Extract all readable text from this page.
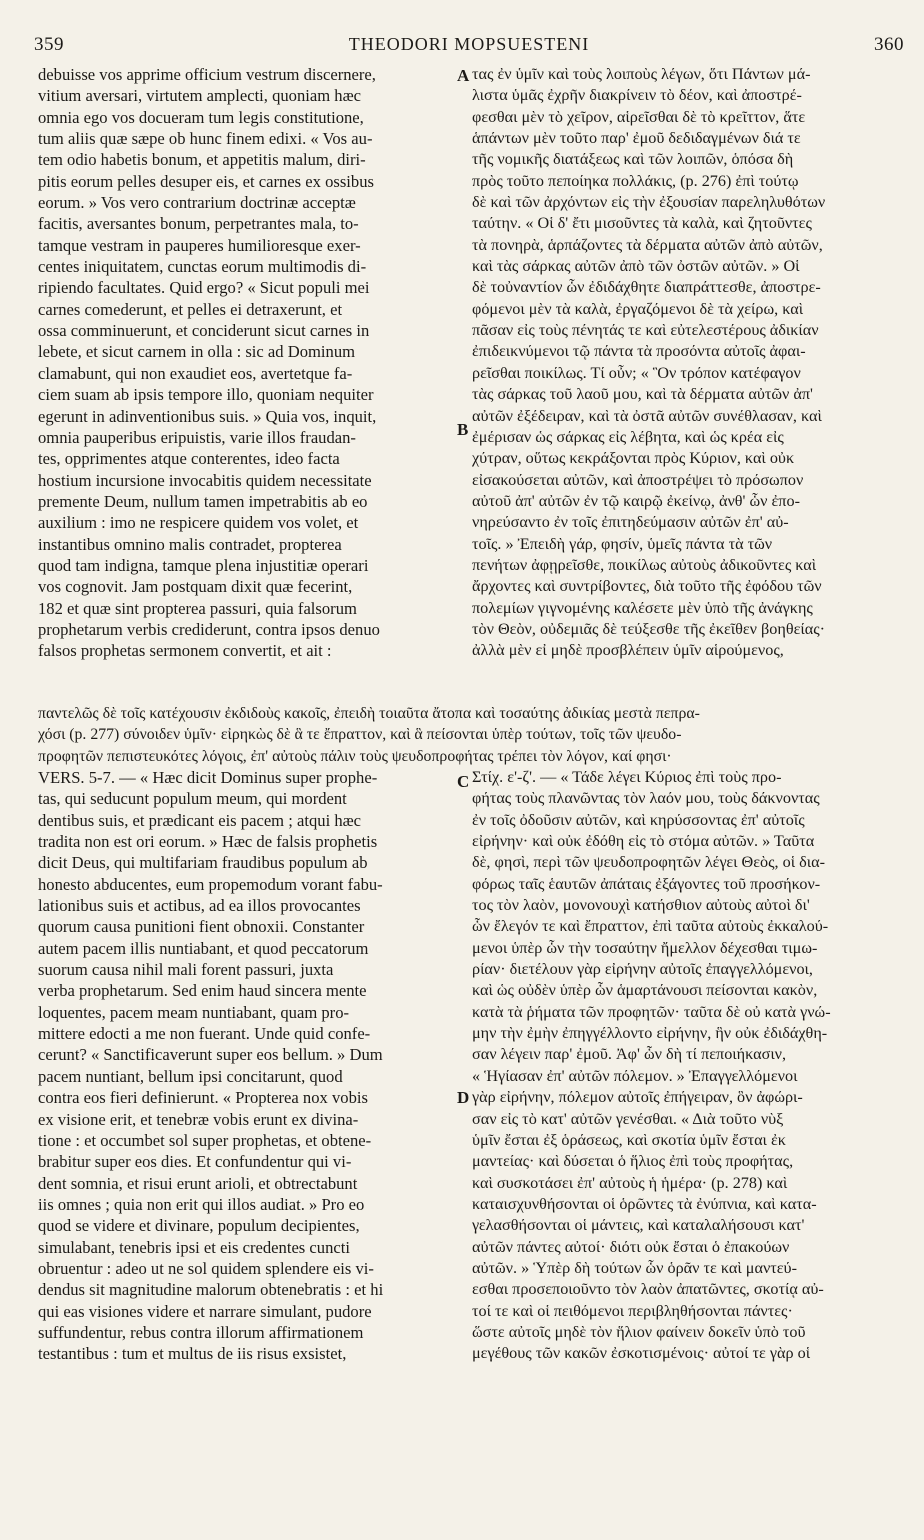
359	THEODORI MOPSUESTENI	360
debuisse vos apprime officium vestrum discernere,
vitium aversari, virtutem amplecti, quoniam hæc
omnia ego vos docueram tum legis constitutione,
tum aliis quæ sæpe ob hunc finem edixi. « Vos au-
tem odio habetis bonum, et appetitis malum, diri-
pitis eorum pelles desuper eis, et carnes ex ossibus
eorum. » Vos vero contrarium doctrinæ acceptæ
facitis, aversantes bonum, perpetrantes mala, to-
tamque vestram in pauperes humilioresque exer-
centes iniquitatem, cunctas eorum multimodis di-
ripiendo facultates. Quid ergo? « Sicut populi mei
carnes comederunt, et pelles ei detraxerunt, et
ossa comminuerunt, et conciderunt sicut carnes in
lebete, et sicut carnem in olla : sic ad Dominum
clamabunt, qui non exaudiet eos, avertetque fa-
ciem suam ab ipsis tempore illo, quoniam nequiter
egerunt in adinventionibus suis. » Quia vos, inquit,
omnia pauperibus eripuistis, varie illos fraudan-
tes, opprimentes atque conterentes, ideo facta
hostium incursione invocabitis quidem necessitate
premente Deum, nullum tamen impetrabitis ab eo
auxilium : imo ne respicere quidem vos volet, et
instantibus omnino malis contradet, propterea
quod tam indigna, tamque plena injustitiæ operari
vos cognovit. Jam postquam dixit quæ fecerint,
182 et quæ sint propterea passuri, quia falsorum
prophetarum verbis crediderunt, contra ipsos denuo
falsos prophetas sermonem convertit, et ait :
τας ἐν ὑμῖν καὶ τοὺς λοιποὺς λέγων, ὅτι Πάντων μά-
λιστα ὑμᾶς ἐχρῆν διακρίνειν τὸ δέον, καὶ ἀποστρέ-
φεσθαι μὲν τὸ χεῖρον, αἱρεῖσθαι δὲ τὸ κρεῖττον, ἅτε
ἁπάντων μὲν τοῦτο παρ' ἐμοῦ δεδιδαγμένων διά τε
τῆς νομικῆς διατάξεως καὶ τῶν λοιπῶν, ὁπόσα δὴ
πρὸς τοῦτο πεποίηκα πολλάκις, (p. 276) ἐπὶ τούτῳ
δὲ καὶ τῶν ἀρχόντων εἰς τὴν ἐξουσίαν παρεληλυθότων
ταύτην. « Οἱ δ' ἔτι μισοῦντες τὰ καλὰ, καὶ ζητοῦντες
τὰ πονηρὰ, ἁρπάζοντες τὰ δέρματα αὐτῶν ἀπὸ αὐτῶν,
καὶ τὰς σάρκας αὐτῶν ἀπὸ τῶν ὀστῶν αὐτῶν. » Οἱ
δὲ τοὐναντίον ὧν ἐδιδάχθητε διαπράττεσθε, ἀποστρε-
φόμενοι μὲν τὰ καλὰ, ἐργαζόμενοι δὲ τὰ χείρω, καὶ
πᾶσαν εἰς τοὺς πένητάς τε καὶ εὐτελεστέρους ἀδικίαν
ἐπιδεικνύμενοι τῷ πάντα τὰ προσόντα αὐτοῖς ἀφαι-
ρεῖσθαι ποικίλως. Τί οὖν; « Ὃν τρόπον κατέφαγον
τὰς σάρκας τοῦ λαοῦ μου, καὶ τὰ δέρματα αὐτῶν ἀπ'
αὐτῶν ἐξέδειραν, καὶ τὰ ὀστᾶ αὐτῶν συνέθλασαν, καὶ
ἐμέρισαν ὡς σάρκας εἰς λέβητα, καὶ ὡς κρέα εἰς
χύτραν, οὕτως κεκράξονται πρὸς Κύριον, καὶ οὐκ
εἰσακούσεται αὐτῶν, καὶ ἀποστρέψει τὸ πρόσωπον
αὐτοῦ ἀπ' αὐτῶν ἐν τῷ καιρῷ ἐκείνῳ, ἀνθ' ὧν ἐπο-
νηρεύσαντο ἐν τοῖς ἐπιτηδεύμασιν αὐτῶν ἐπ' αὐ-
τοῖς. » Ἐπειδὴ γάρ, φησίν, ὑμεῖς πάντα τὰ τῶν
πενήτων ἀφῃρεῖσθε, ποικίλως αὐτοὺς ἀδικοῦντες καὶ
ἄρχοντες καὶ συντρίβοντες, διὰ τοῦτο τῆς ἐφόδου τῶν
πολεμίων γιγνομένης καλέσετε μὲν ὑπὸ τῆς ἀνάγκης
τὸν Θεὸν, οὐδεμιᾶς δὲ τεύξεσθε τῆς ἐκεῖθεν βοηθείας·
ἀλλὰ μὲν εἰ μηδὲ προσβλέπειν ὑμῖν αἱρούμενος,
παντελῶς δὲ τοῖς κατέχουσιν ἐκδιδοὺς κακοῖς, ἐπειδὴ τοιαῦτα ἄτοπα καὶ τοσαύτης ἀδικίας μεστὰ πεπρα-
χόσι (p. 277) σύνοιδεν ὑμῖν· εἰρηκὼς δὲ ἃ τε ἔπραττον, καὶ ἃ πείσονται ὑπὲρ τούτων, τοῖς τῶν ψευδο-
προφητῶν πεπιστευκότες λόγοις, ἐπ' αὐτοὺς πάλιν τοὺς ψευδοπροφήτας τρέπει τὸν λόγον, καί φησι·
VERS. 5-7. — « Hæc dicit Dominus super prophe-
tas, qui seducunt populum meum, qui mordent
dentibus suis, et prædicant eis pacem ; atqui hæc
tradita non est ori eorum. » Hæc de falsis prophetis
dicit Deus, qui multifariam fraudibus populum ab
honesto abducentes, eum propemodum vorant fabu-
lationibus suis et actibus, ad ea illos provocantes
quorum causa punitioni fient obnoxii. Constanter
autem pacem illis nuntiabant, et quod peccatorum
suorum causa nihil mali forent passuri, juxta
verba prophetarum. Sed enim haud sincera mente
loquentes, pacem meam nuntiabant, quam pro-
mittere edocti a me non fuerant. Unde quid confe-
cerunt? « Sanctificaverunt super eos bellum. » Dum
pacem nuntiant, bellum ipsi concitarunt, quod
contra eos fieri definierunt. « Propterea nox vobis
ex visione erit, et tenebræ vobis erunt ex divina-
tione : et occumbet sol super prophetas, et obtene-
brabitur super eos dies. Et confundentur qui vi-
dent somnia, et risui erunt arioli, et obtrectabunt
iis omnes ; quia non erit qui illos audiat. » Pro eo
quod se videre et divinare, populum decipientes,
simulabant, tenebris ipsi et eis credentes cuncti
obruentur : adeo ut ne sol quidem splendere eis vi-
dendus sit magnitudine malorum obtenebratis : et hi
qui eas visiones videre et narrare simulant, pudore
suffundentur, rebus contra illorum affirmationem
testantibus : tum et multus de iis risus exsistet,
Στίχ. ε'-ζ'. — « Τάδε λέγει Κύριος ἐπὶ τοὺς προ-
φήτας τοὺς πλανῶντας τὸν λαόν μου, τοὺς δάκνοντας
ἐν τοῖς ὀδοῦσιν αὐτῶν, καὶ κηρύσσοντας ἐπ' αὐτοῖς
εἰρήνην· καὶ οὐκ ἐδόθη εἰς τὸ στόμα αὐτῶν. » Ταῦτα
δὲ, φησὶ, περὶ τῶν ψευδοπροφητῶν λέγει Θεὸς, οἱ δια-
φόρως ταῖς ἑαυτῶν ἀπάταις ἐξάγοντες τοῦ προσήκον-
τος τὸν λαὸν, μονονουχὶ κατήσθιον αὐτοὺς αὐτοὶ δι'
ὧν ἔλεγόν τε καὶ ἔπραττον, ἐπὶ ταῦτα αὐτοὺς ἐκκαλού-
μενοι ὑπὲρ ὧν τὴν τοσαύτην ἤμελλον δέχεσθαι τιμω-
ρίαν· διετέλουν γὰρ εἰρήνην αὐτοῖς ἐπαγγελλόμενοι,
καὶ ὡς οὐδὲν ὑπὲρ ὧν ἁμαρτάνουσι πείσονται κακὸν,
κατὰ τὰ ῥήματα τῶν προφητῶν· ταῦτα δὲ οὐ κατὰ γνώ-
μην τὴν ἐμὴν ἐπηγγέλλοντο εἰρήνην, ἣν οὐκ ἐδιδάχθη-
σαν λέγειν παρ' ἐμοῦ. Ἀφ' ὧν δὴ τί πεποιήκασιν,
« Ἡγίασαν ἐπ' αὐτῶν πόλεμον. » Ἐπαγγελλόμενοι
γὰρ εἰρήνην, πόλεμον αὐτοῖς ἐπήγειραν, ὃν ἀφώρι-
σαν εἰς τὸ κατ' αὐτῶν γενέσθαι. « Διὰ τοῦτο νὺξ
ὑμῖν ἔσται ἐξ ὁράσεως, καὶ σκοτία ὑμῖν ἔσται ἐκ
μαντείας· καὶ δύσεται ὁ ἥλιος ἐπὶ τοὺς προφήτας,
καὶ συσκοτάσει ἐπ' αὐτοὺς ἡ ἡμέρα· (p. 278) καὶ
καταισχυνθήσονται οἱ ὁρῶντες τὰ ἐνύπνια, καὶ κατα-
γελασθήσονται οἱ μάντεις, καὶ καταλαλήσουσι κατ'
αὐτῶν πάντες αὐτοί· διότι οὐκ ἔσται ὁ ἐπακούων
αὐτῶν. » Ὑπὲρ δὴ τούτων ὧν ὁρᾶν τε καὶ μαντεύ-
εσθαι προσεποιοῦντο τὸν λαὸν ἀπατῶντες, σκοτίᾳ αὐ-
τοί τε καὶ οἱ πειθόμενοι περιβληθήσονται πάντες·
ὥστε αὐτοῖς μηδὲ τὸν ἥλιον φαίνειν δοκεῖν ὑπὸ τοῦ
μεγέθους τῶν κακῶν ἐσκοτισμένοις· αὐτοί τε γὰρ οἱ
A
B
C
D
